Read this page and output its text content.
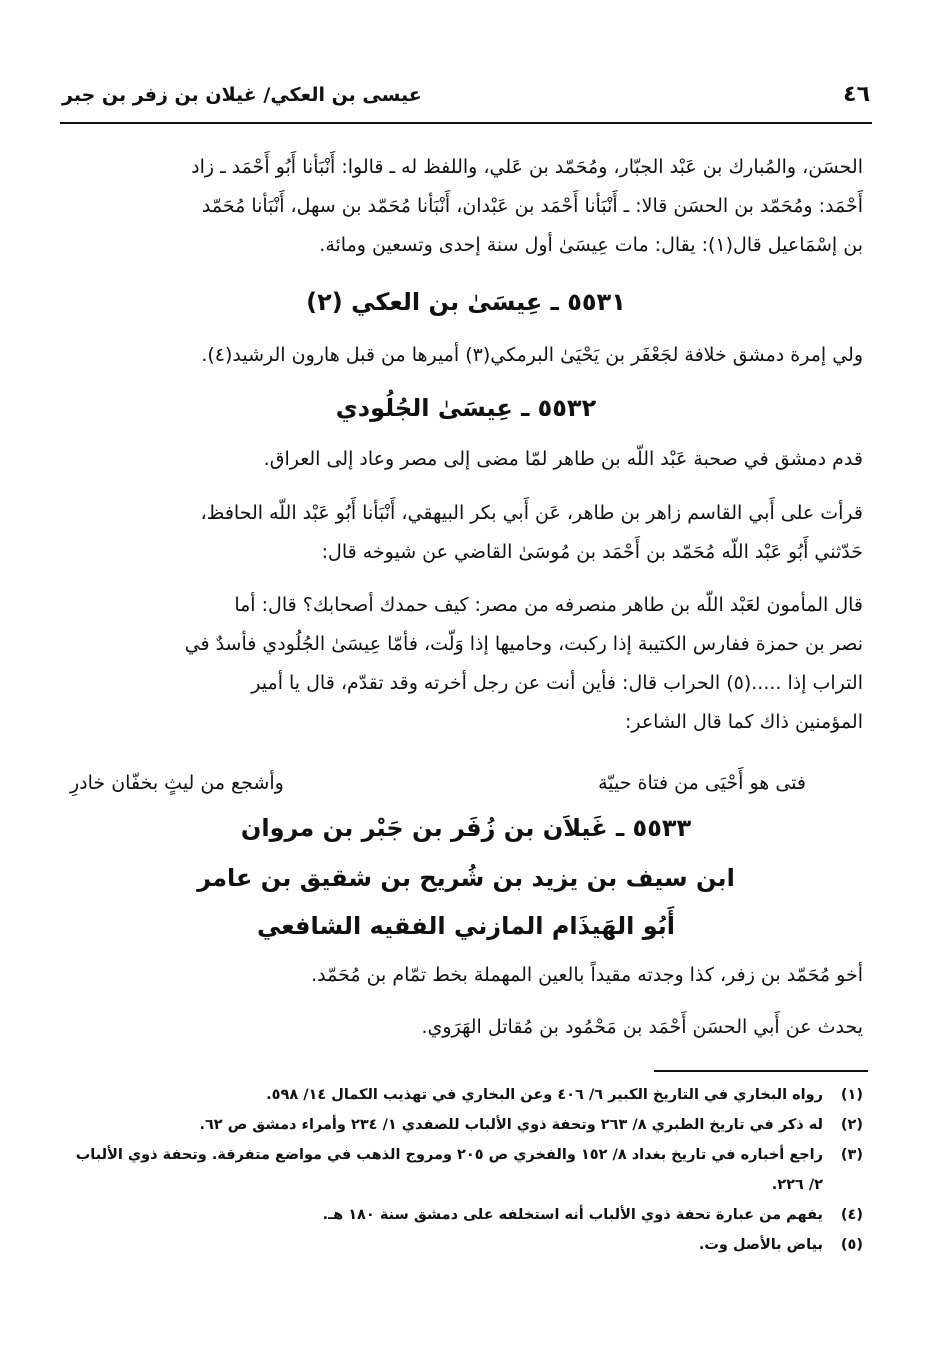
٤٦
عيسى بن العكي/ غيلان بن زفر بن جبر
الحسَن، والمُبارك بن عَبْد الجبّار، ومُحَمّد بن عَلي، واللفظ له ـ قالوا: أَنْبَأنا أَبُو أَحْمَد ـ زاد
أَحْمَد: ومُحَمّد بن الحسَن قالا: ـ أَنْبَأنا أَحْمَد بن عَبْدان، أَنْبَأنا مُحَمّد بن سهل، أَنْبَأنا مُحَمّد
بن إسْمَاعيل قال(١): يقال: مات عِيسَىٰ أول سنة إحدى وتسعين ومائة.
٥٥٣١ ـ عِيسَىٰ بن العكي (٢)
ولي إمرة دمشق خلافة لجَعْفَر بن يَحْيَىٰ البرمكي(٣) أميرها من قبل هارون الرشيد(٤).
٥٥٣٢ ـ عِيسَىٰ الجُلُودي
قدم دمشق في صحبة عَبْد اللّه بن طاهر لمّا مضى إلى مصر وعاد إلى العراق.
قرأت على أَبي القاسم زاهر بن طاهر، عَن أَبي بكر البيهقي، أَنْبَأنا أَبُو عَبْد اللّه الحافظ،
حَدّثني أَبُو عَبْد اللّه مُحَمّد بن أَحْمَد بن مُوسَىٰ القاضي عن شيوخه قال:
قال المأمون لعَبْد اللّه بن طاهر منصرفه من مصر: كيف حمدك أصحابك؟ قال: أما
نصر بن حمزة ففارس الكتيبة إذا ركبت، وحاميها إذا وَلّت، فأمّا عِيسَىٰ الجُلُودي فأسدٌ في
التراب إذا .....(٥) الحراب قال: فأين أنت عن رجل أخرته وقد تقدّم، قال يا أمير
المؤمنين ذاك كما قال الشاعر:
فتى هو أَحْيَى من فتاة حييّة
وأشجع من ليثٍ بخفّان خادرِ
٥٥٣٣ ـ غَيلاَن بن زُفَر بن جَبْر بن مروان
ابن سيف بن يزيد بن شُريح بن شقيق بن عامر
أَبُو الهَيذَام المازني الفقيه الشافعي
أخو مُحَمّد بن زفر، كذا وجدته مقيداً بالعين المهملة بخط تمّام بن مُحَمّد.
يحدث عن أَبي الحسَن أَحْمَد بن مَحْمُود بن مُقاتل الهَرَوي.
(١)
رواه البخاري في التاريخ الكبير ٦/ ٤٠٦ وعن البخاري في تهذيب الكمال ١٤/ ٥٩٨.
(٢)
له ذكر في تاريخ الطبري ٨/ ٢٦٣ وتحفة ذوي الألباب للصفدي ١/ ٢٣٤ وأمراء دمشق ص ٦٢.
(٣)
راجع أخباره في تاريخ بغداد ٨/ ١٥٢ والفخري ص ٢٠٥ ومروج الذهب في مواضع متفرقة. وتحفة ذوي الألباب
٢/ ٢٢٦.
(٤)
يفهم من عبارة تحفة ذوي الألباب أنه استخلفه على دمشق سنة ١٨٠ هـ.
(٥)
بياض بالأصل وت.
